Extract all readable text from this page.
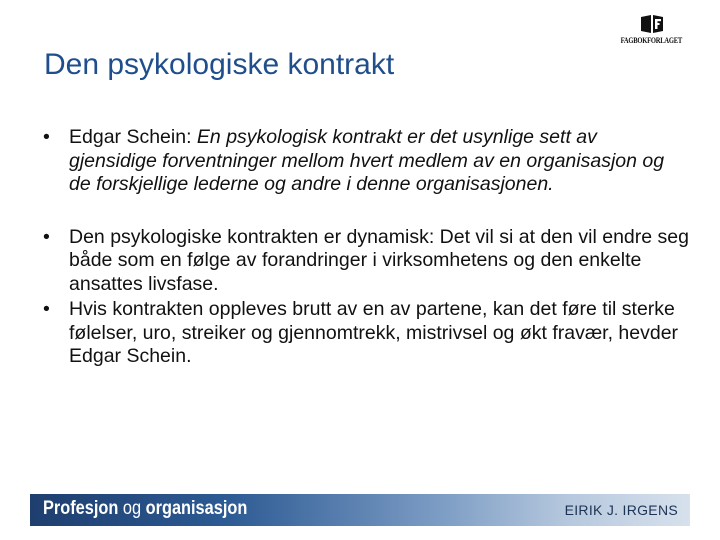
FAGBOKFORLAGET
Den psykologiske kontrakt
• Edgar Schein: En psykologisk kontrakt er det usynlige sett av gjensidige forventninger mellom hvert medlem av en organisasjon og de forskjellige lederne og andre i denne organisasjonen.
• Den psykologiske kontrakten er dynamisk: Det vil si at den vil endre seg både som en følge av forandringer i virksomhetens og den enkelte ansattes livsfase.
• Hvis kontrakten oppleves brutt av en av partene, kan det føre til sterke følelser, uro, streiker og gjennomtrekk, mistrivsel og økt fravær, hevder Edgar Schein.
Profesjon og organisasjon	EIRIK J. IRGENS
